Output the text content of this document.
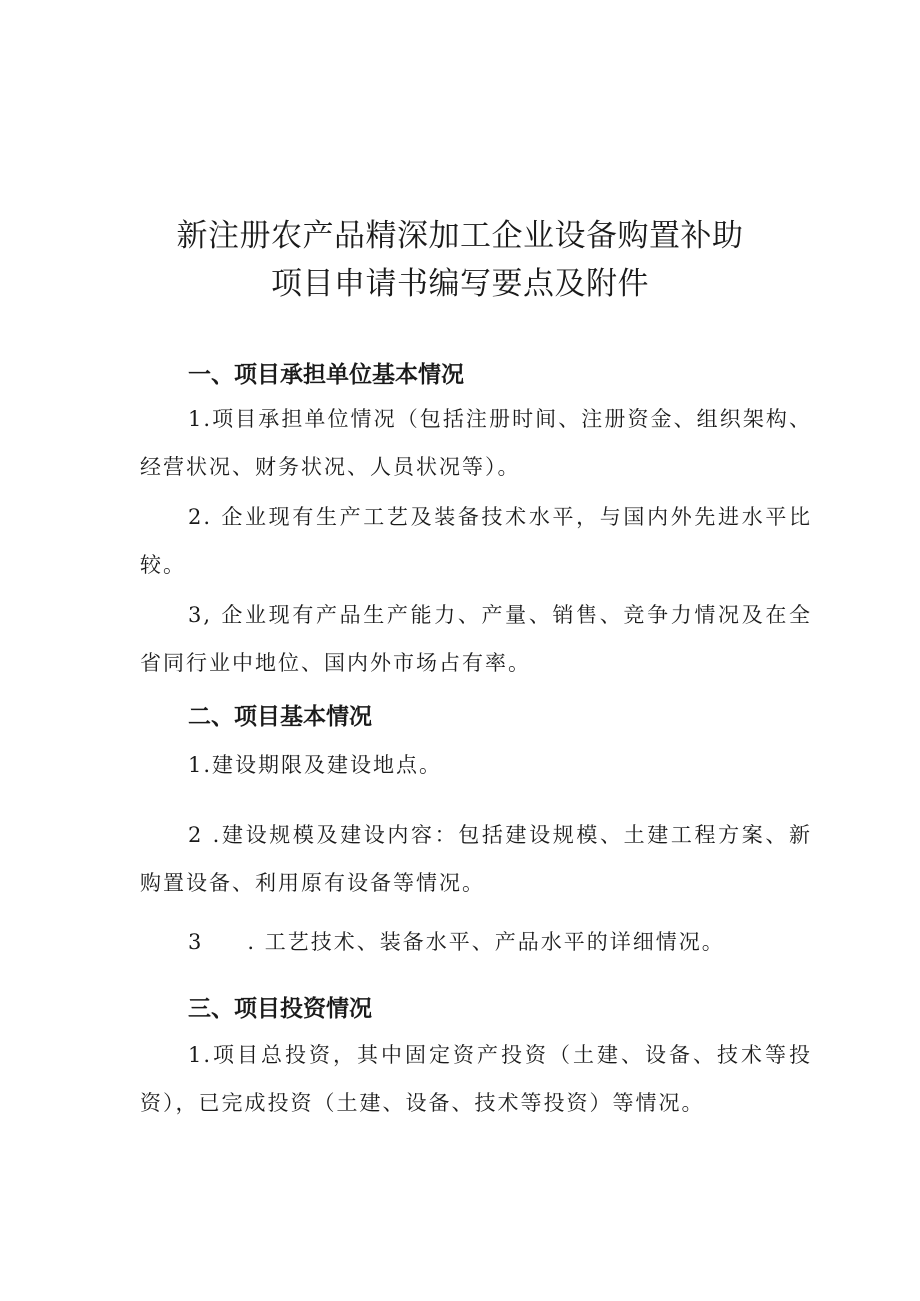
新注册农产品精深加工企业设备购置补助
项目申请书编写要点及附件
一、项目承担单位基本情况

1.项目承担单位情况（包括注册时间、注册资金、组织架构、经营状况、财务状况、人员状况等）。

2. 企业现有生产工艺及装备技术水平，与国内外先进水平比较。

3, 企业现有产品生产能力、产量、销售、竞争力情况及在全省同行业中地位、国内外市场占有率。

二、项目基本情况

1.建设期限及建设地点。

2 .建设规模及建设内容：包括建设规模、土建工程方案、新购置设备、利用原有设备等情况。

3 . 工艺技术、装备水平、产品水平的详细情况。
三、项目投资情况

1.项目总投资，其中固定资产投资（土建、设备、技术等投资），已完成投资（土建、设备、技术等投资）等情况。
